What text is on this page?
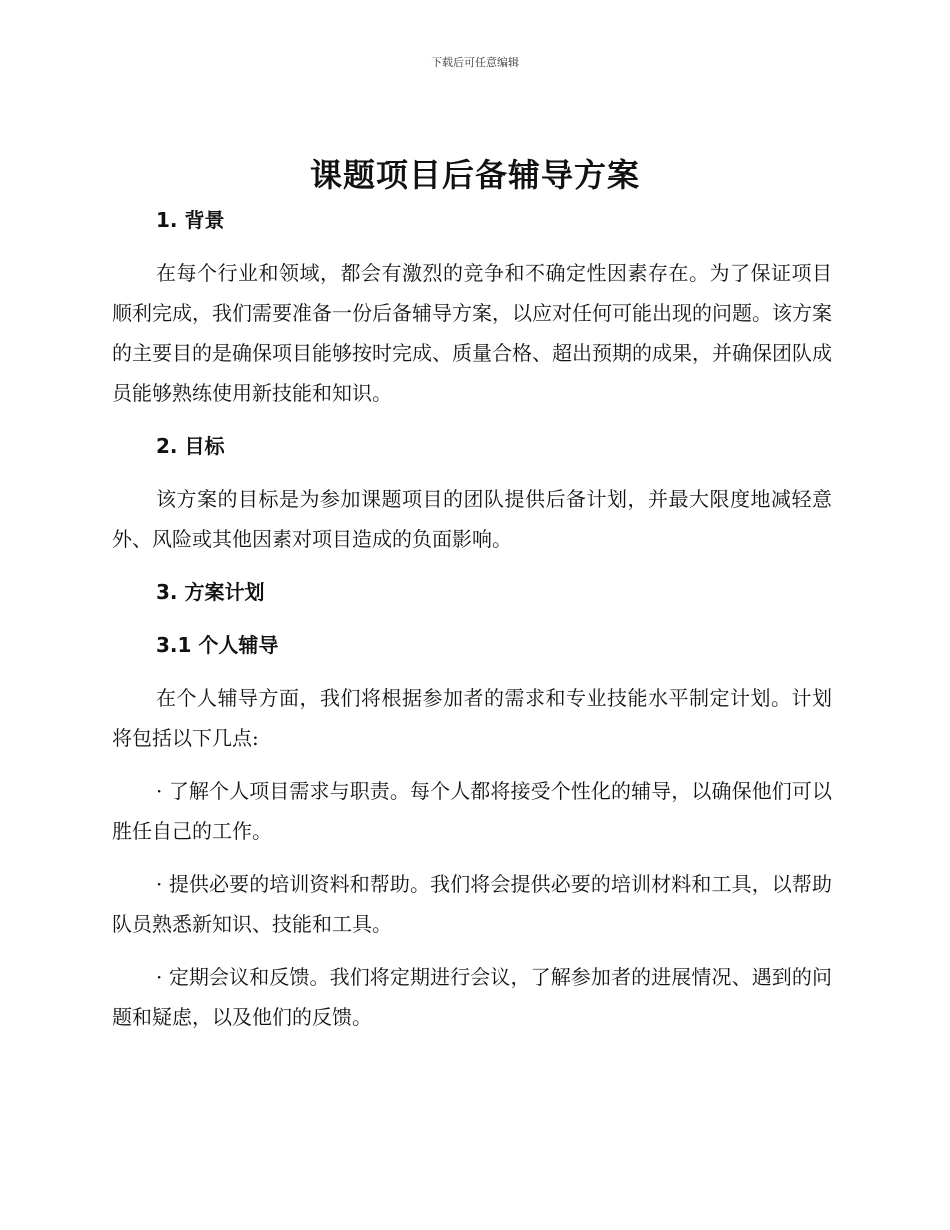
下载后可任意编辑
课题项目后备辅导方案
1. 背景

在每个行业和领域，都会有激烈的竞争和不确定性因素存在。为了保证项目顺利完成，我们需要准备一份后备辅导方案，以应对任何可能出现的问题。该方案的主要目的是确保项目能够按时完成、质量合格、超出预期的成果，并确保团队成员能够熟练使用新技能和知识。

2. 目标

该方案的目标是为参加课题项目的团队提供后备计划，并最大限度地减轻意外、风险或其他因素对项目造成的负面影响。

3. 方案计划
3.1 个人辅导

在个人辅导方面，我们将根据参加者的需求和专业技能水平制定计划。计划将包括以下几点:

· 了解个人项目需求与职责。每个人都将接受个性化的辅导，以确保他们可以胜任自己的工作。

· 提供必要的培训资料和帮助。我们将会提供必要的培训材料和工具，以帮助队员熟悉新知识、技能和工具。

· 定期会议和反馈。我们将定期进行会议，了解参加者的进展情况、遇到的问题和疑虑，以及他们的反馈。
